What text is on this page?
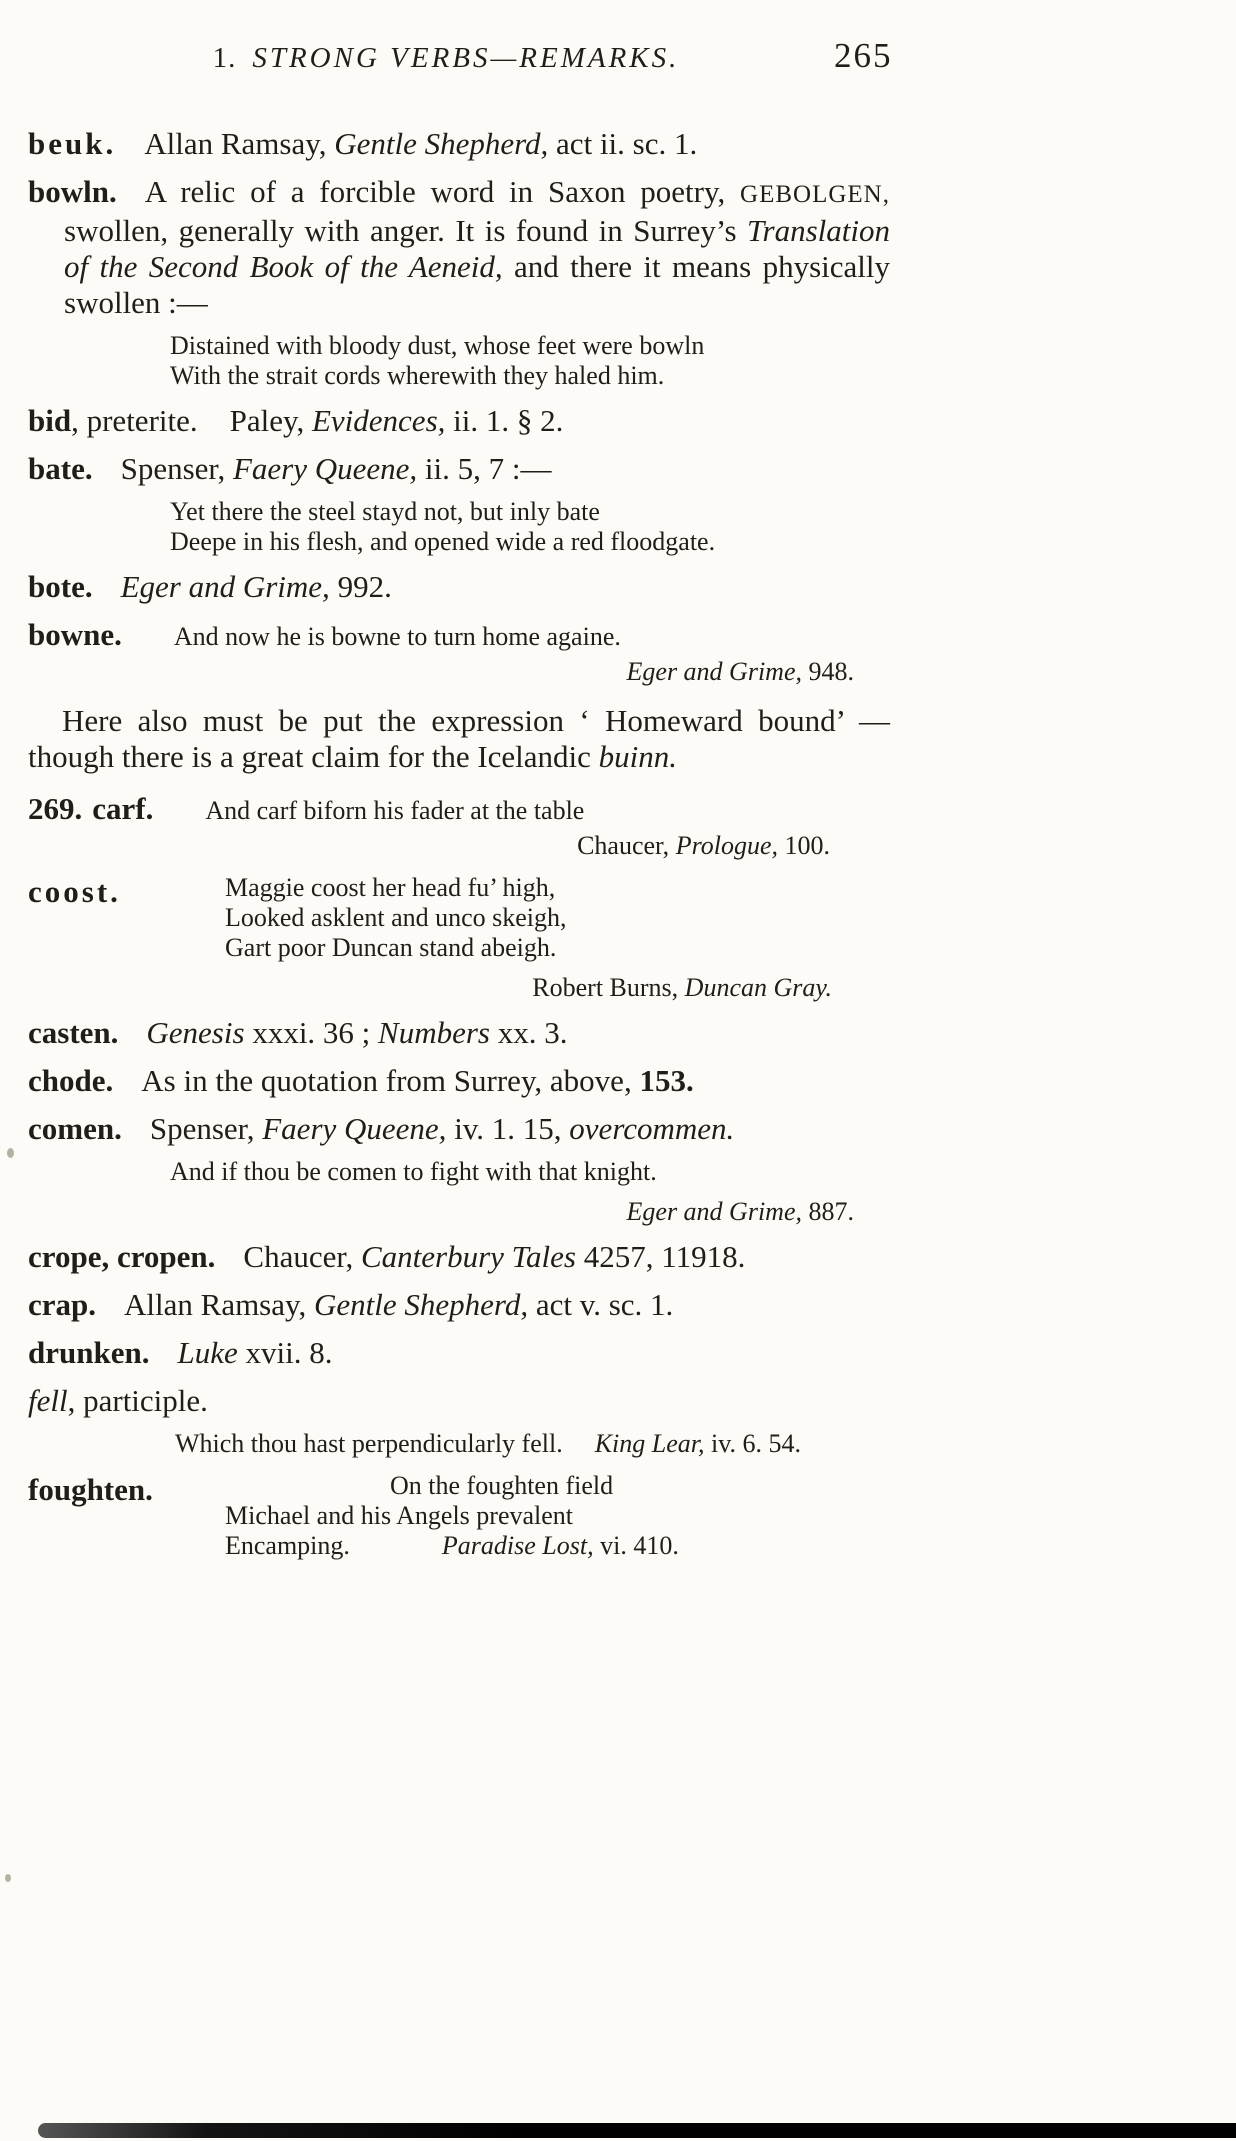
1. STRONG VERBS—REMARKS.	265

beuk. Allan Ramsay, Gentle Shepherd, act ii. sc. 1.

bowln. A relic of a forcible word in Saxon poetry, GEBOLGEN, swollen, generally with anger. It is found in Surrey’s Translation of the Second Book of the Aeneid, and there it means physically swollen :—

Distained with bloody dust, whose feet were bowln
With the strait cords wherewith they haled him.

bid, preterite. Paley, Evidences, ii. 1. § 2.

bate. Spenser, Faery Queene, ii. 5, 7 :—

Yet there the steel stayd not, but inly bate
Deepe in his flesh, and opened wide a red floodgate.

bote. Eger and Grime, 992.

bowne. And now he is bowne to turn home againe.

Eger and Grime, 948.

Here also must be put the expression ‘ Homeward bound’ —though there is a great claim for the Icelandic buinn.

269. carf. And carf biforn his fader at the table

Chaucer, Prologue, 100.
coost.	Maggie coost her head fu’ high,
Looked asklent and unco skeigh,
Gart poor Duncan stand abeigh.
Robert Burns, Duncan Gray.

casten. Genesis xxxi. 36 ; Numbers xx. 3.

chode. As in the quotation from Surrey, above, 153.

comen. Spenser, Faery Queene, iv. 1. 15, overcommen.

And if thou be comen to fight with that knight.
Eger and Grime, 887.

crope, cropen. Chaucer, Canterbury Tales 4257, 11918.

crap. Allan Ramsay, Gentle Shepherd, act v. sc. 1.

drunken. Luke xvii. 8.

fell, participle.

Which thou hast perpendicularly fell. King Lear, iv. 6. 54.
foughten.	On the foughten field
Michael and his Angels prevalent
Encamping.	Paradise Lost, vi. 410.
